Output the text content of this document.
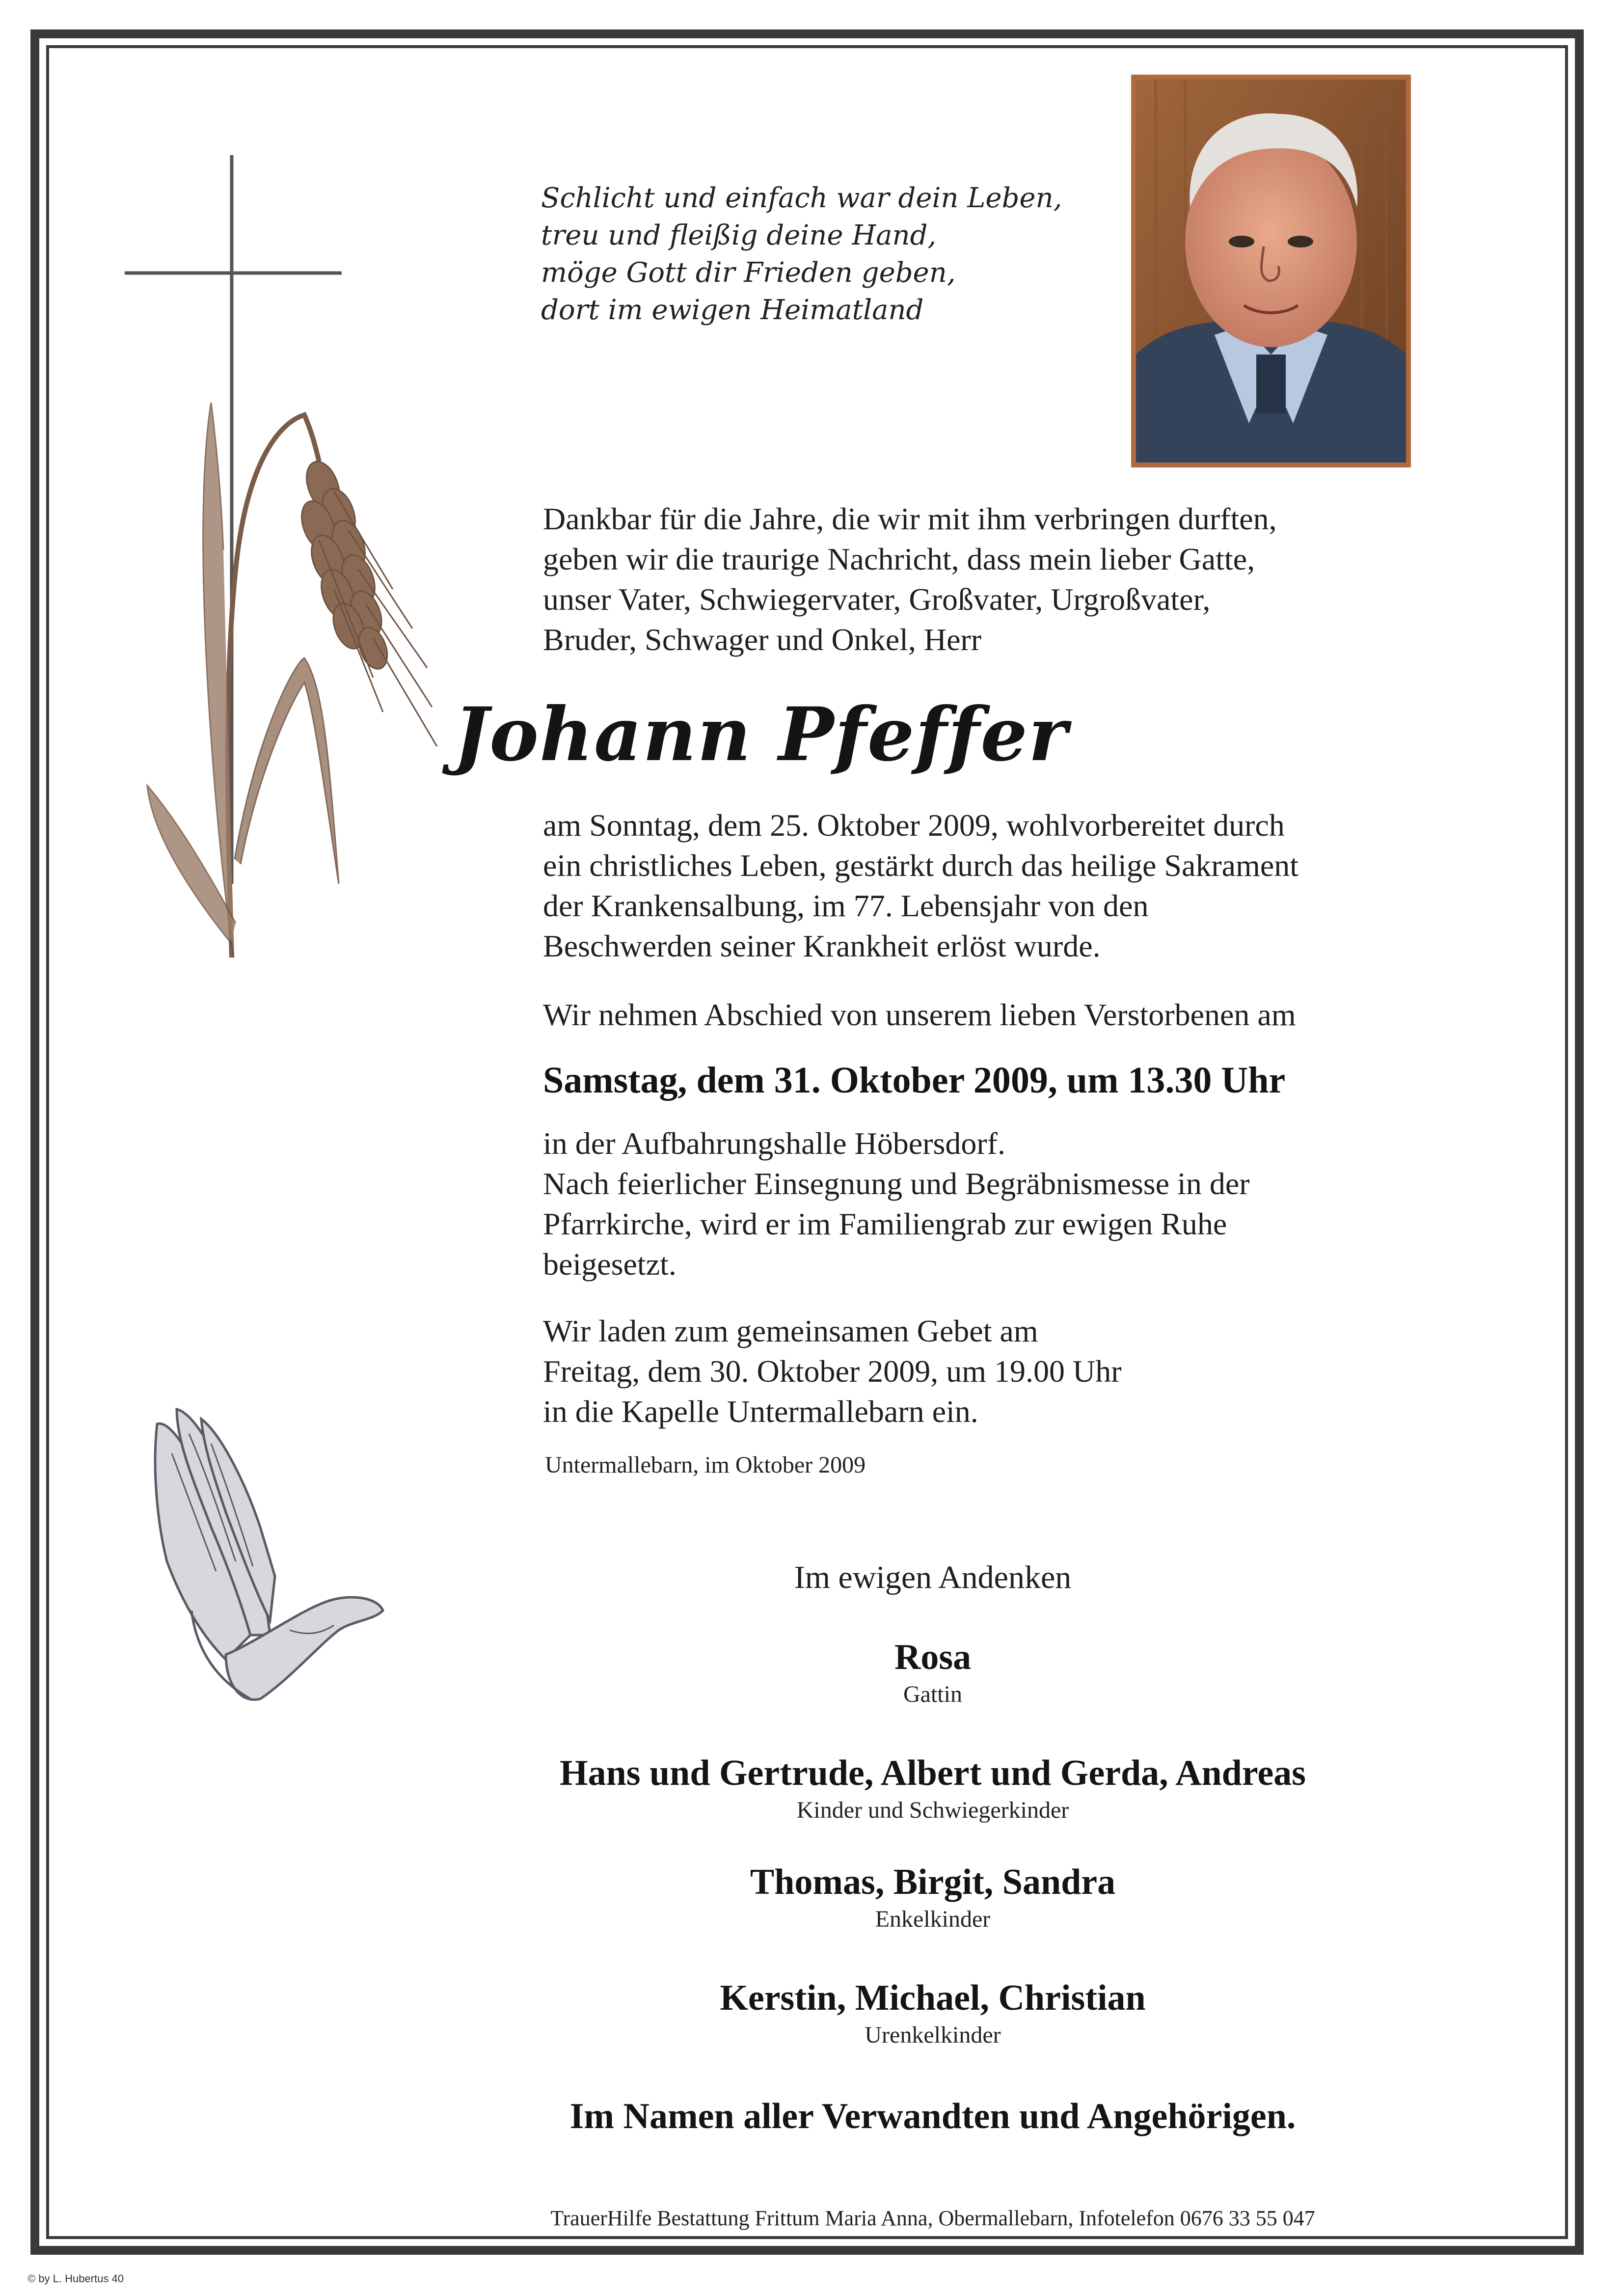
Schlicht und einfach war dein Leben,
treu und fleißig deine Hand,
möge Gott dir Frieden geben,
dort im ewigen Heimatland
Dankbar für die Jahre, die wir mit ihm verbringen durften,
geben wir die traurige Nachricht, dass mein lieber Gatte,
unser Vater, Schwiegervater, Großvater, Urgroßvater,
Bruder, Schwager und Onkel, Herr
Johann Pfeffer
am Sonntag, dem 25. Oktober 2009, wohlvorbereitet durch
ein christliches Leben, gestärkt durch das heilige Sakrament
der Krankensalbung, im 77. Lebensjahr von den
Beschwerden seiner Krankheit erlöst wurde.
Wir nehmen Abschied von unserem lieben Verstorbenen am
Samstag, dem 31. Oktober 2009, um 13.30 Uhr
in der Aufbahrungshalle Höbersdorf.
Nach feierlicher Einsegnung und Begräbnismesse in der
Pfarrkirche, wird er im Familiengrab zur ewigen Ruhe
beigesetzt.
Wir laden zum gemeinsamen Gebet am
Freitag, dem 30. Oktober 2009, um 19.00 Uhr
in die Kapelle Untermallebarn ein.
Untermallebarn, im Oktober 2009
Im ewigen Andenken
Rosa
Gattin
Hans und Gertrude, Albert und Gerda, Andreas
Kinder und Schwiegerkinder
Thomas, Birgit, Sandra
Enkelkinder
Kerstin, Michael, Christian
Urenkelkinder
Im Namen aller Verwandten und Angehörigen.
TrauerHilfe Bestattung Frittum Maria Anna, Obermallebarn, Infotelefon 0676 33 55 047
© by L. Hubertus 40
